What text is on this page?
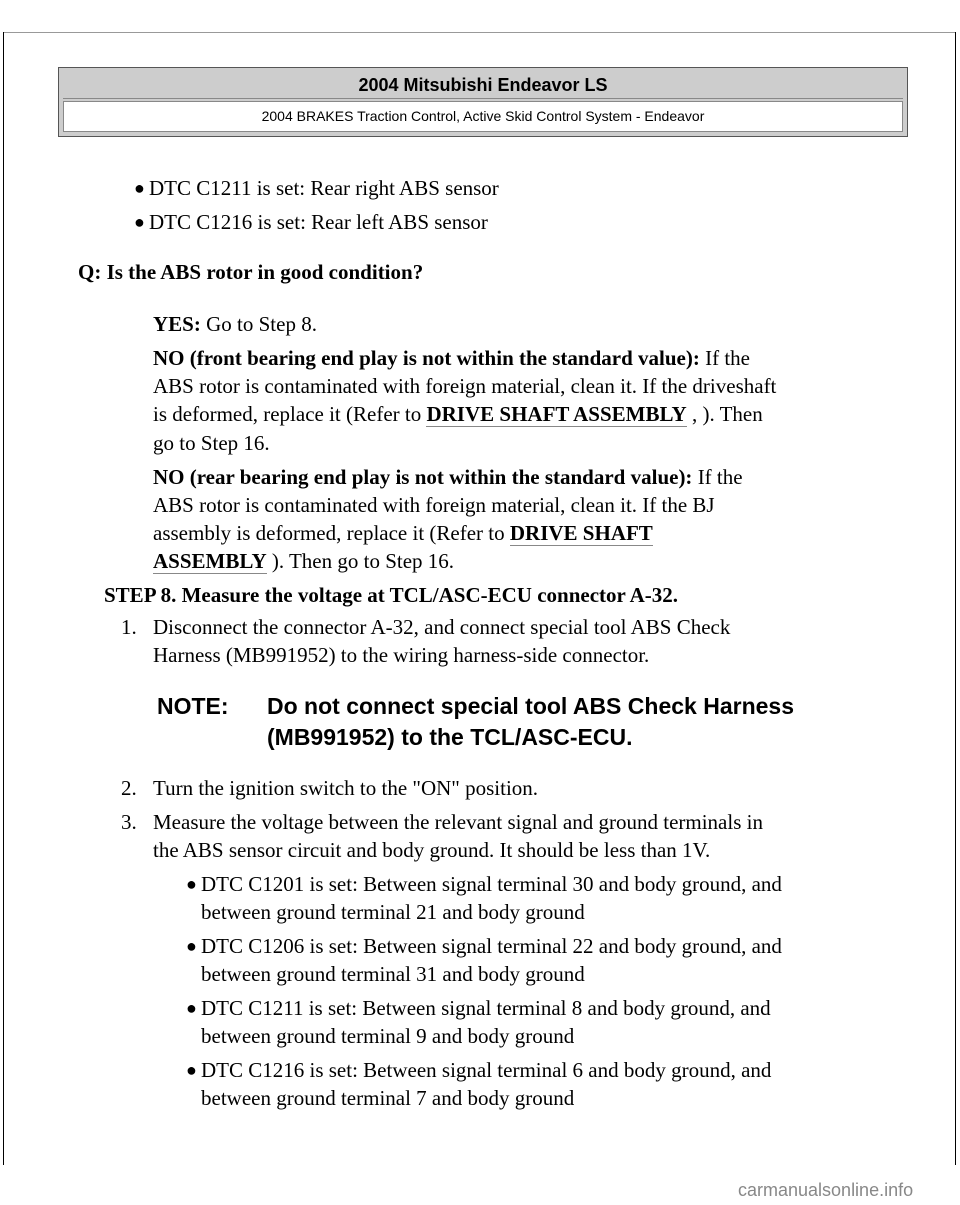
2004 Mitsubishi Endeavor LS
2004 BRAKES Traction Control, Active Skid Control System - Endeavor
● DTC C1211 is set: Rear right ABS sensor
● DTC C1216 is set: Rear left ABS sensor
Q: Is the ABS rotor in good condition?
YES: Go to Step 8.
NO (front bearing end play is not within the standard value): If the
ABS rotor is contaminated with foreign material, clean it. If the driveshaft
is deformed, replace it (Refer to DRIVE SHAFT ASSEMBLY , ). Then
go to Step 16.
NO (rear bearing end play is not within the standard value): If the
ABS rotor is contaminated with foreign material, clean it. If the BJ
assembly is deformed, replace it (Refer to DRIVE SHAFT
ASSEMBLY ). Then go to Step 16.
STEP 8. Measure the voltage at TCL/ASC-ECU connector A-32.
1. Disconnect the connector A-32, and connect special tool ABS Check
Harness (MB991952) to the wiring harness-side connector.
NOTE: Do not connect special tool ABS Check Harness
(MB991952) to the TCL/ASC-ECU.
2. Turn the ignition switch to the "ON" position.
3. Measure the voltage between the relevant signal and ground terminals in
the ABS sensor circuit and body ground. It should be less than 1V.
● DTC C1201 is set: Between signal terminal 30 and body ground, and
between ground terminal 21 and body ground
● DTC C1206 is set: Between signal terminal 22 and body ground, and
between ground terminal 31 and body ground
● DTC C1211 is set: Between signal terminal 8 and body ground, and
between ground terminal 9 and body ground
● DTC C1216 is set: Between signal terminal 6 and body ground, and
between ground terminal 7 and body ground
carmanualsonline.info
